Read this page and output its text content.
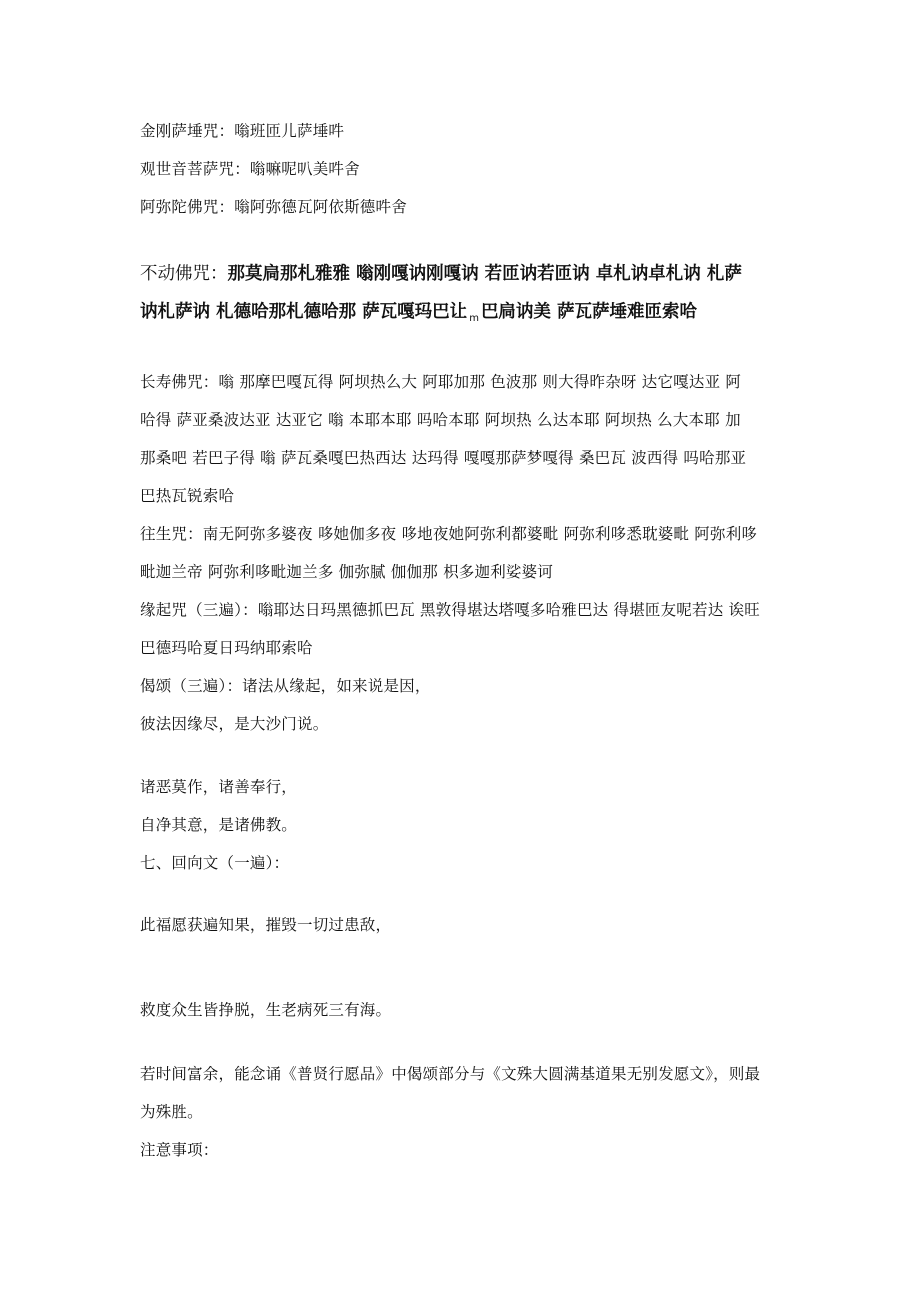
金刚萨埵咒：嗡班匝儿萨埵吽
观世音菩萨咒：嗡嘛呢叭美吽舍
阿弥陀佛咒：嗡阿弥德瓦阿依斯德吽舍
不动佛咒：那莫扃那札雅雅 嗡刚嘎讷刚嘎讷 若匝讷若匝讷 卓札讷卓札讷 札萨
讷札萨讷 札德哈那札德哈那 萨瓦嘎玛巴让 $_m$ 巴扃讷美 萨瓦萨埵难匝索哈
长寿佛咒：嗡 那摩巴嘎瓦得 阿坝热么大 阿耶加那 色波那 则大得昨杂呀 达它嘎达亚 阿
哈得 萨亚桑波达亚 达亚它 嗡 本耶本耶 吗哈本耶 阿坝热 么达本耶 阿坝热 么大本耶 加
那桑吧 若巴子得 嗡 萨瓦桑嘎巴热西达 达玛得 嘎嘎那萨梦嘎得 桑巴瓦 波西得 吗哈那亚
巴热瓦锐索哈
往生咒：南无阿弥多婆夜 哆她伽多夜 哆地夜她阿弥利都婆毗 阿弥利哆悉耽婆毗 阿弥利哆
毗迦兰帝 阿弥利哆毗迦兰多 伽弥腻 伽伽那 枳多迦利娑婆诃
缘起咒（三遍）：嗡耶达日玛黑德抓巴瓦 黑敦得堪达塔嘎多哈雅巴达 得堪匝友呢若达 诶旺
巴德玛哈夏日玛纳耶索哈
偈颂（三遍）：诸法从缘起，如来说是因，
彼法因缘尽，是大沙门说。
诸恶莫作，诸善奉行，
自净其意，是诸佛教。
七、回向文（一遍）：
此福愿获遍知果，摧毁一切过患敌，
救度众生皆挣脱，生老病死三有海。
若时间富余，能念诵《普贤行愿品》中偈颂部分与《文殊大圆满基道果无别发愿文》，则最
为殊胜。
注意事项：
